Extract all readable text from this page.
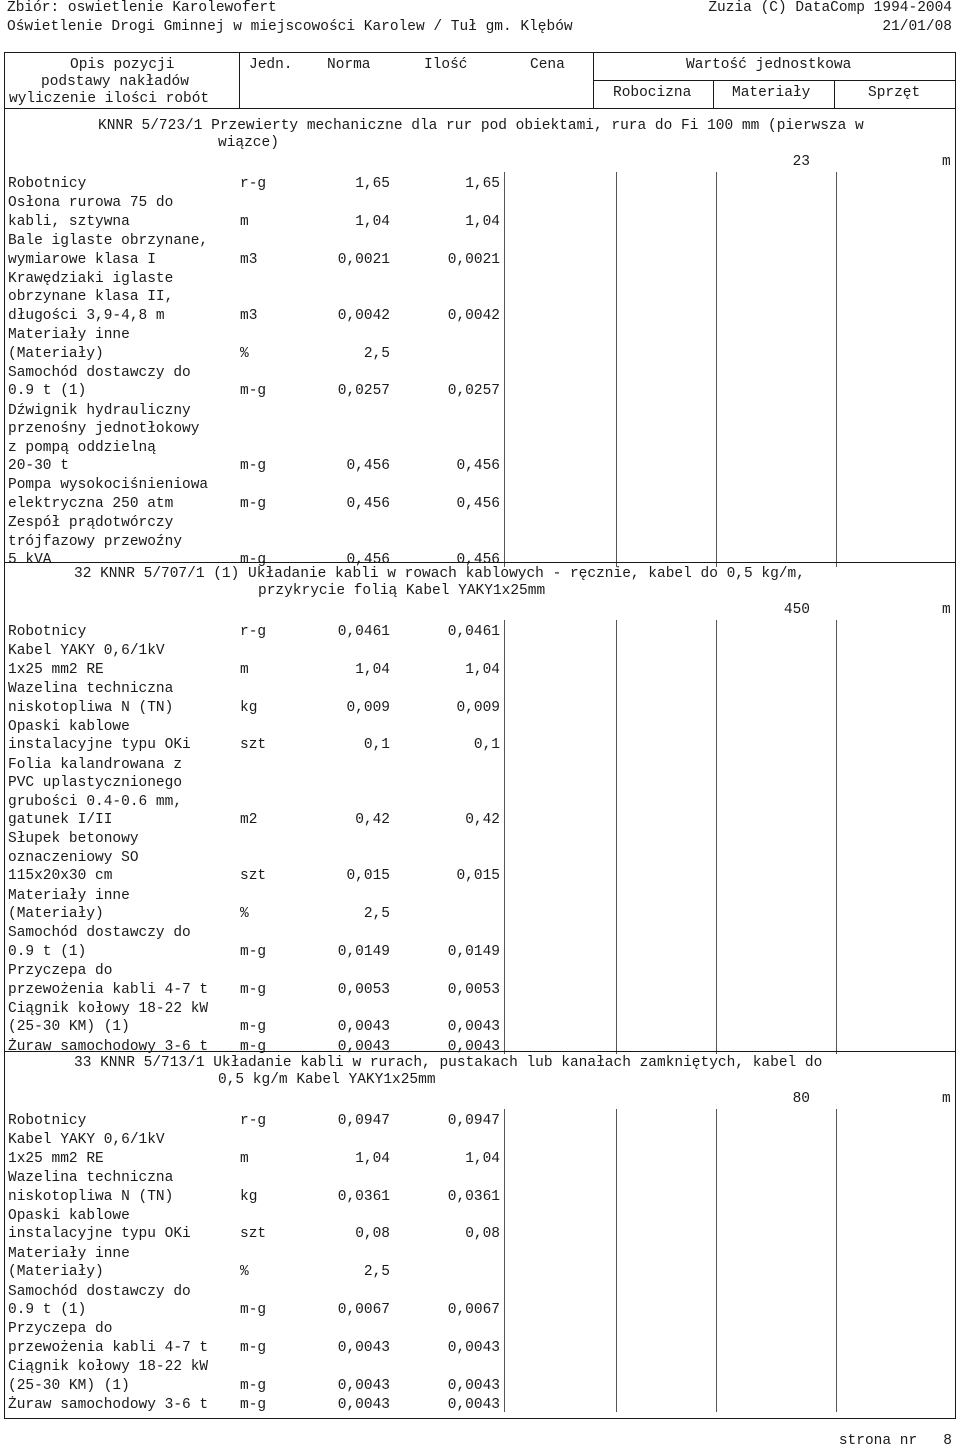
Zbiór: oswietlenie Karolewofert	Zuzia (C) DataComp 1994-2004
Oświetlenie Drogi Gminnej w miejscowości Karolew / Tuł gm. Klębów	21/01/08
Opis pozycji
podstawy nakładów
wyliczenie ilości robót
Jedn. Norma	Ilość	Cena	Wartość jednostkowa
Robocizna	Materiały	Sprzęt
KNNR 5/723/1 Przewierty mechaniczne dla rur pod obiektami, rura do Fi 100 mm (pierwsza w
wiązce)
23	m
Robotnicy	r-g	1,65	1,65
Osłona rurowa 75 do
kabli, sztywna	m	1,04	1,04
Bale iglaste obrzynane,
wymiarowe klasa I	m3	0,0021	0,0021
Krawędziaki iglaste
obrzynane klasa II,
długości 3,9-4,8 m	m3	0,0042	0,0042
Materiały inne
(Materiały)	%	2,5
Samochód dostawczy do
0.9 t (1)	m-g	0,0257	0,0257
Dźwignik hydrauliczny
przenośny jednotłokowy
z pompą oddzielną
20-30 t	m-g	0,456	0,456
Pompa wysokociśnieniowa
elektryczna 250 atm	m-g	0,456	0,456
Zespół prądotwórczy
trójfazowy przewoźny
5 kVA	m-g	0,456	0,456
32 KNNR 5/707/1 (1) Układanie kabli w rowach kablowych - ręcznie, kabel do 0,5 kg/m,
przykrycie folią Kabel YAKY1x25mm
450	m
Robotnicy	r-g	0,0461	0,0461
Kabel YAKY 0,6/1kV
1x25 mm2 RE	m	1,04	1,04
Wazelina techniczna
niskotopliwa N (TN)	kg	0,009	0,009
Opaski kablowe
instalacyjne typu OKi	szt	0,1	0,1
Folia kalandrowana z
PVC uplastycznionego
grubości 0.4-0.6 mm,
gatunek I/II	m2	0,42	0,42
Słupek betonowy
oznaczeniowy SO
115x20x30 cm	szt	0,015	0,015
Materiały inne
(Materiały)	%	2,5
Samochód dostawczy do
0.9 t (1)	m-g	0,0149	0,0149
Przyczepa do
przewożenia kabli 4-7 t m-g	0,0053	0,0053
Ciągnik kołowy 18-22 kW
(25-30 KM) (1)	m-g	0,0043	0,0043
Żuraw samochodowy 3-6 t m-g	0,0043	0,0043
33 KNNR 5/713/1 Układanie kabli w rurach, pustakach lub kanałach zamkniętych, kabel do
0,5 kg/m Kabel YAKY1x25mm
80	m
Robotnicy	r-g	0,0947	0,0947
Kabel YAKY 0,6/1kV
1x25 mm2 RE	m	1,04	1,04
Wazelina techniczna
niskotopliwa N (TN)	kg	0,0361	0,0361
Opaski kablowe
instalacyjne typu OKi	szt	0,08	0,08
Materiały inne
(Materiały)	%	2,5
Samochód dostawczy do
0.9 t (1)	m-g	0,0067	0,0067
Przyczepa do
przewożenia kabli 4-7 t m-g	0,0043	0,0043
Ciągnik kołowy 18-22 kW
(25-30 KM) (1)	m-g	0,0043	0,0043
Żuraw samochodowy 3-6 t m-g	0,0043	0,0043
strona nr 8
